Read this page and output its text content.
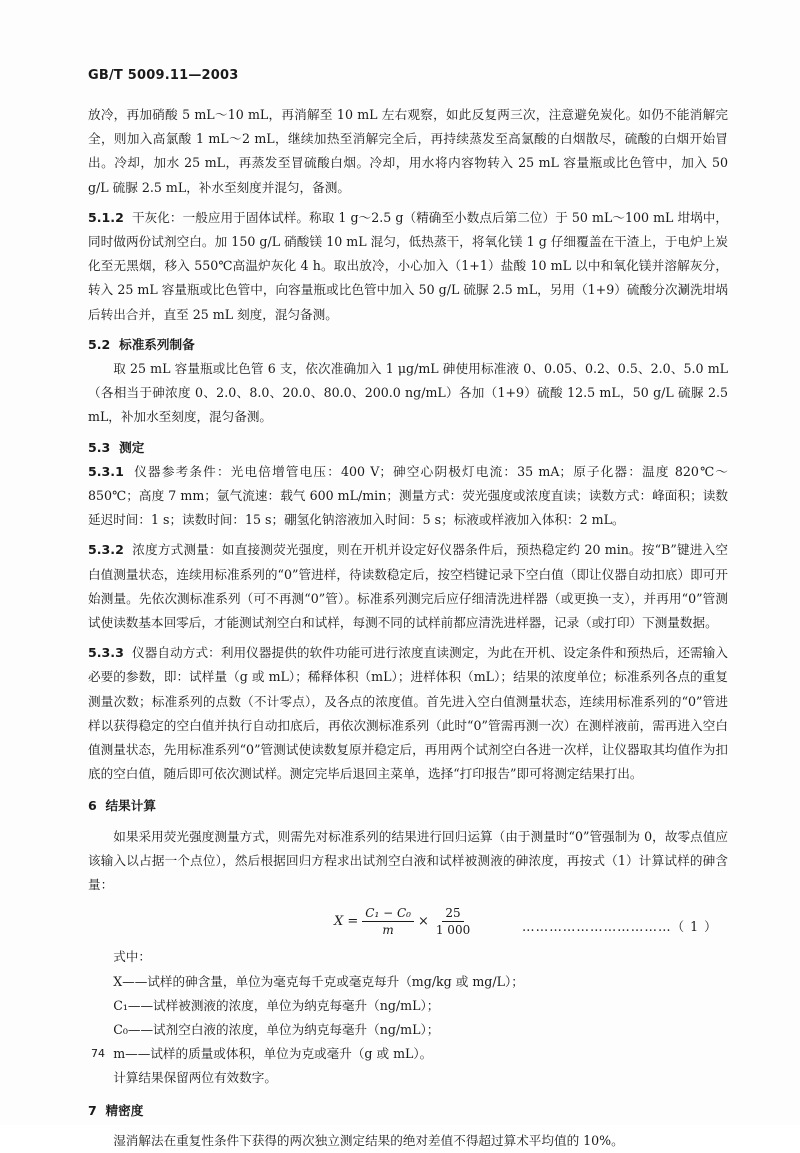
GB/T 5009.11—2003

放冷，再加硝酸 5 mL～10 mL，再消解至 10 mL 左右观察，如此反复两三次，注意避免炭化。如仍不能消解完全，则加入高氯酸 1 mL～2 mL，继续加热至消解完全后，再持续蒸发至高氯酸的白烟散尽，硫酸的白烟开始冒出。冷却，加水 25 mL，再蒸发至冒硫酸白烟。冷却，用水将内容物转入 25 mL 容量瓶或比色管中，加入 50 g/L 硫脲 2.5 mL，补水至刻度并混匀，备测。

5.1.2 干灰化：一般应用于固体试样。称取 1 g～2.5 g（精确至小数点后第二位）于 50 mL～100 mL 坩埚中，同时做两份试剂空白。加 150 g/L 硝酸镁 10 mL 混匀，低热蒸干，将氧化镁 1 g 仔细覆盖在干渣上，于电炉上炭化至无黑烟，移入 550℃高温炉灰化 4 h。取出放冷，小心加入（1+1）盐酸 10 mL 以中和氧化镁并溶解灰分，转入 25 mL 容量瓶或比色管中，向容量瓶或比色管中加入 50 g/L 硫脲 2.5 mL，另用（1+9）硫酸分次涮洗坩埚后转出合并，直至 25 mL 刻度，混匀备测。

5.2 标准系列制备

取 25 mL 容量瓶或比色管 6 支，依次准确加入 1 μg/mL 砷使用标准液 0、0.05、0.2、0.5、2.0、5.0 mL（各相当于砷浓度 0、2.0、8.0、20.0、80.0、200.0 ng/mL）各加（1+9）硫酸 12.5 mL，50 g/L 硫脲 2.5 mL，补加水至刻度，混匀备测。

5.3 测定

5.3.1 仪器参考条件：光电倍增管电压：400 V；砷空心阴极灯电流：35 mA；原子化器：温度 820℃～850℃；高度 7 mm；氩气流速：载气 600 mL/min；测量方式：荧光强度或浓度直读；读数方式：峰面积；读数延迟时间：1 s；读数时间：15 s；硼氢化钠溶液加入时间：5 s；标液或样液加入体积：2 mL。

5.3.2 浓度方式测量：如直接测荧光强度，则在开机并设定好仪器条件后，预热稳定约 20 min。按“B”键进入空白值测量状态，连续用标准系列的“0”管进样，待读数稳定后，按空档键记录下空白值（即让仪器自动扣底）即可开始测量。先依次测标准系列（可不再测“0”管）。标准系列测完后应仔细清洗进样器（或更换一支），并再用“0”管测试使读数基本回零后，才能测试剂空白和试样，每测不同的试样前都应清洗进样器，记录（或打印）下测量数据。

5.3.3 仪器自动方式：利用仪器提供的软件功能可进行浓度直读测定，为此在开机、设定条件和预热后，还需输入必要的参数，即：试样量（g 或 mL）；稀释体积（mL）；进样体积（mL）；结果的浓度单位；标准系列各点的重复测量次数；标准系列的点数（不计零点），及各点的浓度值。首先进入空白值测量状态，连续用标准系列的“0”管进样以获得稳定的空白值并执行自动扣底后，再依次测标准系列（此时“0”管需再测一次）在测样液前，需再进入空白值测量状态，先用标准系列“0”管测试使读数复原并稳定后，再用两个试剂空白各进一次样，让仪器取其均值作为扣底的空白值，随后即可依次测试样。测定完毕后退回主菜单，选择“打印报告”即可将测定结果打出。

6 结果计算

如果采用荧光强度测量方式，则需先对标准系列的结果进行回归运算（由于测量时“0”管强制为 0，故零点值应该输入以占据一个点位），然后根据回归方程求出试剂空白液和试样被测液的砷浓度，再按式（1）计算试样的砷含量：

$X = \frac{\text{C₁ − C₀}}{m} \times \frac{25}{1 000}$	……………………………（ 1 ）

式中：

X——试样的砷含量，单位为毫克每千克或毫克每升（mg/kg 或 mg/L）；

C₁——试样被测液的浓度，单位为纳克每毫升（ng/mL）；

C₀——试剂空白液的浓度，单位为纳克每毫升（ng/mL）；

m——试样的质量或体积，单位为克或毫升（g 或 mL）。

计算结果保留两位有效数字。

7 精密度

湿消解法在重复性条件下获得的两次独立测定结果的绝对差值不得超过算术平均值的 10%。

74
